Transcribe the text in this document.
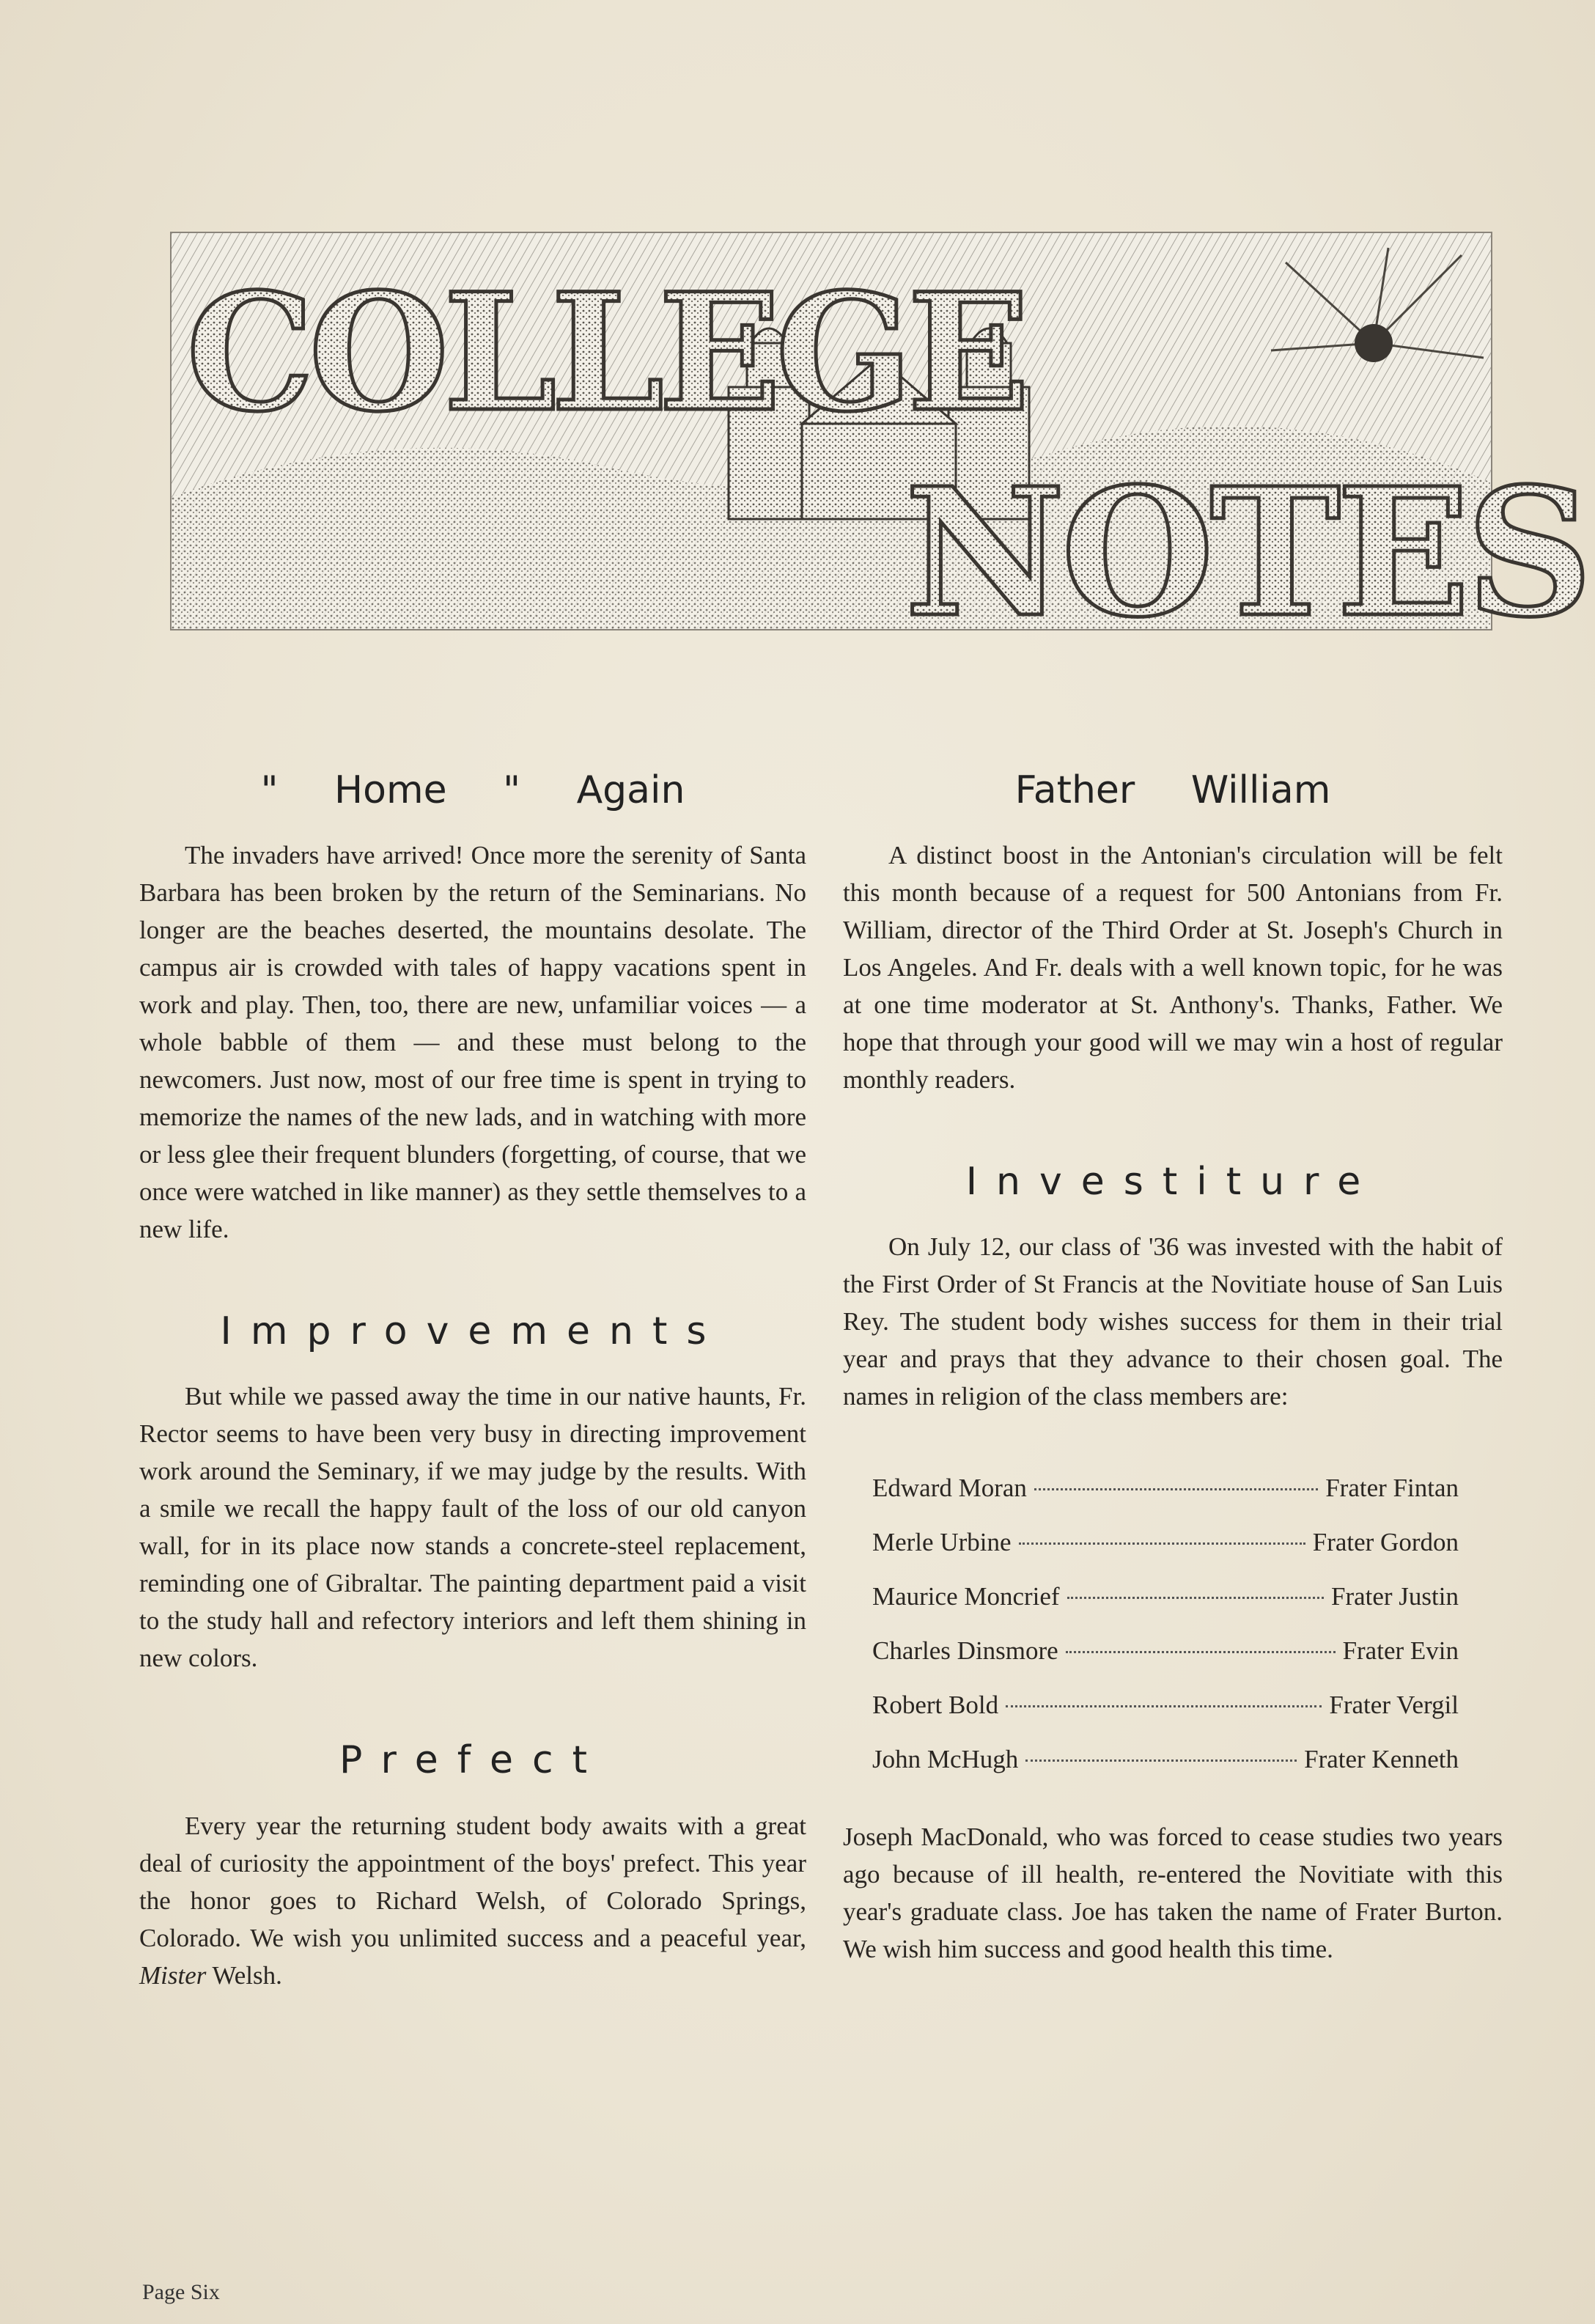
COLLEGE
NOTES
" Home " Again

The invaders have arrived! Once more the serenity of Santa Barbara has been broken by the return of the Seminarians. No longer are the beaches deserted, the mountains desolate. The campus air is crowded with tales of happy vacations spent in work and play. Then, too, there are new, unfamiliar voices — a whole babble of them — and these must belong to the newcomers. Just now, most of our free time is spent in trying to memorize the names of the new lads, and in watching with more or less glee their frequent blunders (forgetting, of course, that we once were watched in like manner) as they settle themselves to a new life.

Improvements

But while we passed away the time in our native haunts, Fr. Rector seems to have been very busy in directing improvement work around the Seminary, if we may judge by the results. With a smile we recall the happy fault of the loss of our old canyon wall, for in its place now stands a concrete-steel replacement, reminding one of Gibraltar. The painting department paid a visit to the study hall and refectory interiors and left them shining in new colors.

Prefect

Every year the returning student body awaits with a great deal of curiosity the appointment of the boys' prefect. This year the honor goes to Richard Welsh, of Colorado Springs, Colorado. We wish you unlimited success and a peaceful year, Mister Welsh.

Father William

A distinct boost in the Antonian's circulation will be felt this month because of a request for 500 Antonians from Fr. William, director of the Third Order at St. Joseph's Church in Los Angeles. And Fr. deals with a well known topic, for he was at one time moderator at St. Anthony's. Thanks, Father. We hope that through your good will we may win a host of regular monthly readers.

Investiture

On July 12, our class of '36 was invested with the habit of the First Order of St Francis at the Novitiate house of San Luis Rey. The student body wishes success for them in their trial year and prays that they advance to their chosen goal. The names in religion of the class members are:

Edward Moran	Frater Fintan
Merle Urbine	Frater Gordon
Maurice Moncrief	Frater Justin
Charles Dinsmore	Frater Evin
Robert Bold	Frater Vergil
John McHugh	Frater Kenneth

Joseph MacDonald, who was forced to cease studies two years ago because of ill health, re-entered the Novitiate with this year's graduate class. Joe has taken the name of Frater Burton. We wish him success and good health this time.

Page Six
